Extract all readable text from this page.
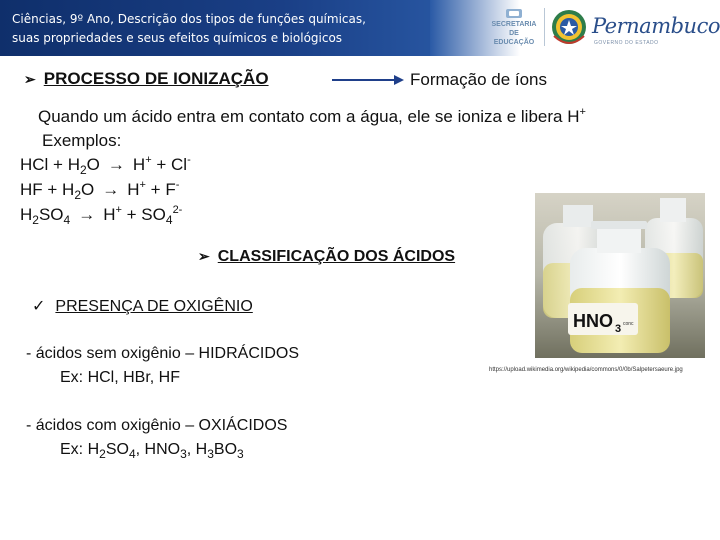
Ciências, 9º Ano, Descrição dos tipos de funções químicas,
suas propriedades e seus efeitos químicos e biológicos
SECRETARIA
DE EDUCAÇÃO
Pernambuco
GOVERNO DO ESTADO
➢ PROCESSO DE IONIZAÇÃO	Formação de íons
Quando um ácido entra em contato com a água, ele se ioniza e libera H+
Exemplos:
HCl + $H_2O \to H^+ + Cl^-$
HF + $H_2O \to H^+ + F^-$
$H_2SO_4 \to H^+ + SO_4^{2-}$
HNO 3 conc
https://upload.wikimedia.org/wikipedia/commons/0/0b/Salpetersaeure.jpg
➢ CLASSIFICAÇÃO DOS ÁCIDOS
✓ PRESENÇA DE OXIGÊNIO
- ácidos sem oxigênio – HIDRÁCIDOS
Ex: HCl, HBr, HF
- ácidos com oxigênio – OXIÁCIDOS
Ex: $H_2SO_4$, $HNO_3$, $H_3BO_3$
